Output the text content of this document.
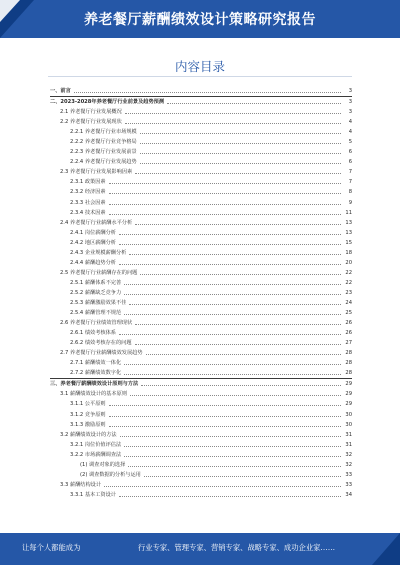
养老餐厅薪酬绩效设计策略研究报告
内容目录
一、前言	3
二、2023-2028年养老餐厅行业前景及趋势预测	3
2.1 养老餐厅行业发展概况	3
2.2 养老餐厅行业发展现状	4
2.2.1 养老餐厅行业市场规模	4
2.2.2 养老餐厅行业竞争格局	5
2.2.3 养老餐厅行业发展前景	6
2.2.4 养老餐厅行业发展趋势	6
2.3 养老餐厅行业发展影响因素	7
2.3.1 政策因素	7
2.3.2 经济因素	8
2.3.3 社会因素	9
2.3.4 技术因素	11
2.4 养老餐厅行业薪酬水平分析	13
2.4.1 岗位薪酬分析	13
2.4.2 地区薪酬分析	15
2.4.3 企业规模薪酬分析	18
2.4.4 薪酬趋势分析	20
2.5 养老餐厅行业薪酬存在的问题	22
2.5.1 薪酬体系不完善	22
2.5.2 薪酬缺乏竞争力	23
2.5.3 薪酬激励效果不佳	24
2.5.4 薪酬管理不规范	25
2.6 养老餐厅行业绩效管理现状	26
2.6.1 绩效考核体系	26
2.6.2 绩效考核存在的问题	27
2.7 养老餐厅行业薪酬绩效发展趋势	28
2.7.1 薪酬绩效一体化	28
2.7.2 薪酬绩效数字化	28
三、养老餐厅薪酬绩效设计原则与方法	29
3.1 薪酬绩效设计的基本原则	29
3.1.1 公平原则	29
3.1.2 竞争原则	30
3.1.3 激励原则	30
3.2 薪酬绩效设计的方法	31
3.2.1 岗位价值评估法	31
3.2.2 市场薪酬调查法	32
(1) 调查对象的选择	32
(2) 调查数据的分析与运用	33
3.3 薪酬结构设计	33
3.3.1 基本工资设计	34
让每个人都能成为	行业专家、管理专家、营销专家、战略专家、成功企业家……
